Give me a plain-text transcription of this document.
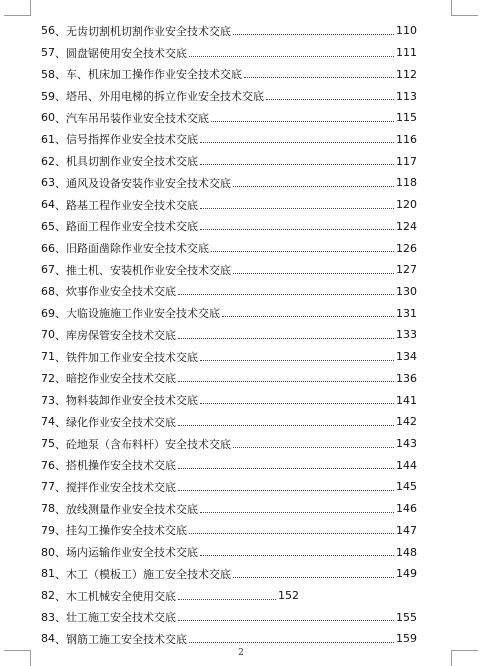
56 、 无齿切割机切割作业安全技术交底	110
57 、 圆盘锯使用安全技术交底	111
58 、 车、机床加工操作作业安全技术交底	112
59 、 塔吊、外用电梯的拆立作业安全技术交底	113
60 、 汽车吊吊装作业安全技术交底	115
61 、 信号指挥作业安全技术交底	116
62 、 机具切割作业安全技术交底	117
63 、 通风及设备安装作业安全技术交底	118
64 、 路基工程作业安全技术交底	120
65 、 路面工程作业安全技术交底	124
66 、 旧路面凿除作业安全技术交底	126
67 、 推土机、安装机作业安全技术交底	127
68 、 炊事作业安全技术交底	130
69 、 大临设施施工作业安全技术交底	131
70 、 库房保管安全技术交底	133
71 、 铁件加工作业安全技术交底	134
72 、 暗挖作业安全技术交底	136
73 、 物料装卸作业安全技术交底	141
74 、 绿化作业安全技术交底	142
75 、 砼地泵（含布料杆）安全技术交底	143
76 、 搭机操作安全技术交底	144
77 、 搅拌作业安全技术交底	145
78 、 放线测量作业安全技术交底	146
79 、 挂勾工操作安全技术交底	147
80 、 场内运输作业安全技术交底	148
81 、 木工（模板工）施工安全技术交底	149
82 、 木工机械安全使用交底	152
83 、 壮工施工安全技术交底	155
84 、 钢筋工施工安全技术交底	159
2
